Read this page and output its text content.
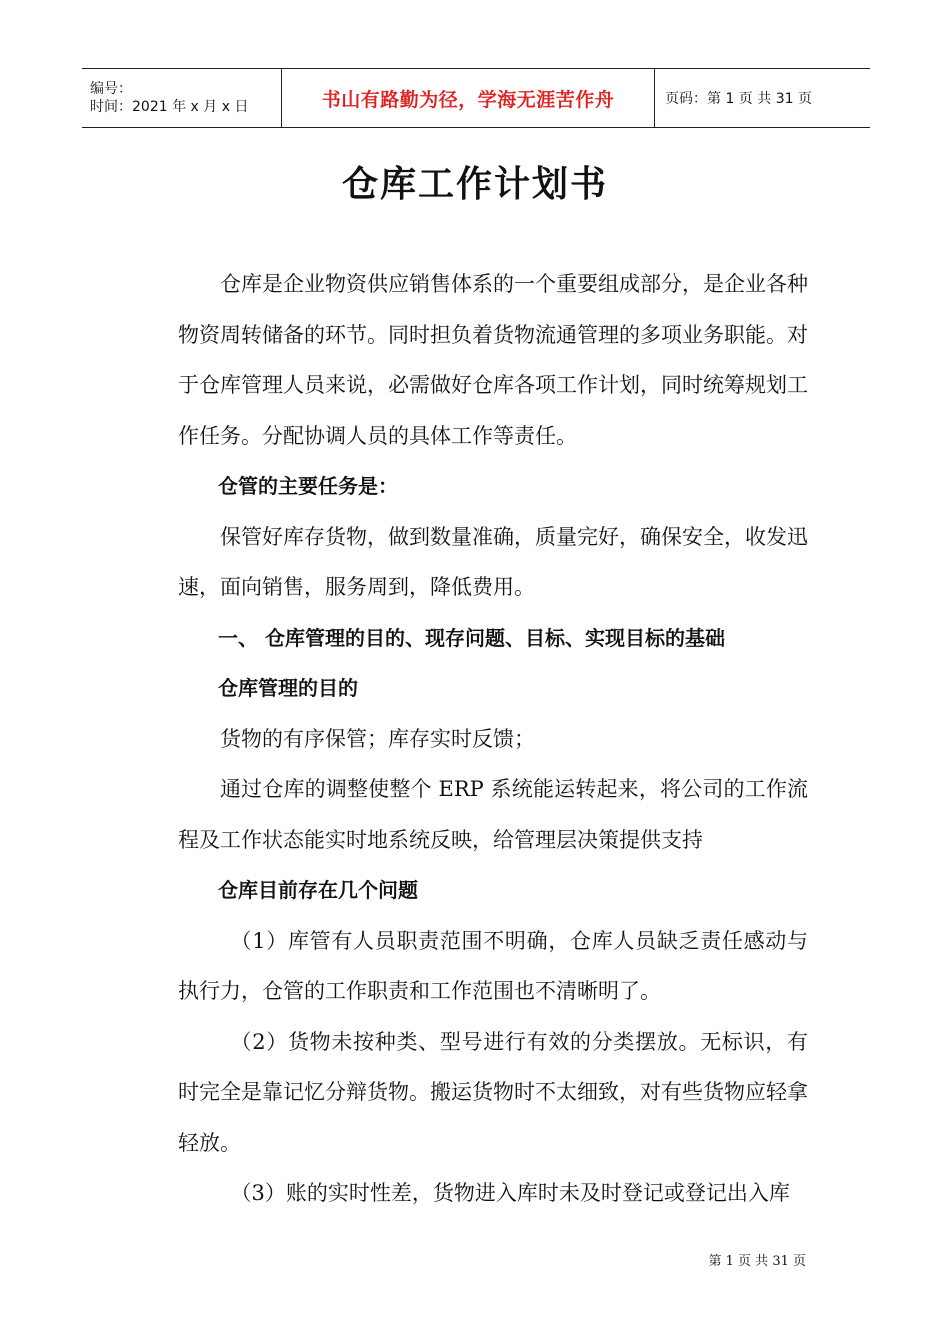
编号：
时间：2021 年 x 月 x 日	书山有路勤为径，学海无涯苦作舟	页码：第 1 页 共 31 页
仓库工作计划书

仓库是企业物资供应销售体系的一个重要组成部分，是企业各种物资周转储备的环节。同时担负着货物流通管理的多项业务职能。对于仓库管理人员来说，必需做好仓库各项工作计划，同时统筹规划工作任务。分配协调人员的具体工作等责任。

仓管的主要任务是：

保管好库存货物，做到数量准确，质量完好，确保安全，收发迅速，面向销售，服务周到，降低费用。

一、 仓库管理的目的、现存问题、目标、实现目标的基础

仓库管理的目的

货物的有序保管；库存实时反馈；

通过仓库的调整使整个 ERP 系统能运转起来，将公司的工作流程及工作状态能实时地系统反映，给管理层决策提供支持

仓库目前存在几个问题

（1）库管有人员职责范围不明确，仓库人员缺乏责任感动与执行力，仓管的工作职责和工作范围也不清晰明了。

（2）货物未按种类、型号进行有效的分类摆放。无标识，有时完全是靠记忆分辩货物。搬运货物时不太细致，对有些货物应轻拿轻放。

（3）账的实时性差，货物进入库时未及时登记或登记出入库

第 1 页 共 31 页
